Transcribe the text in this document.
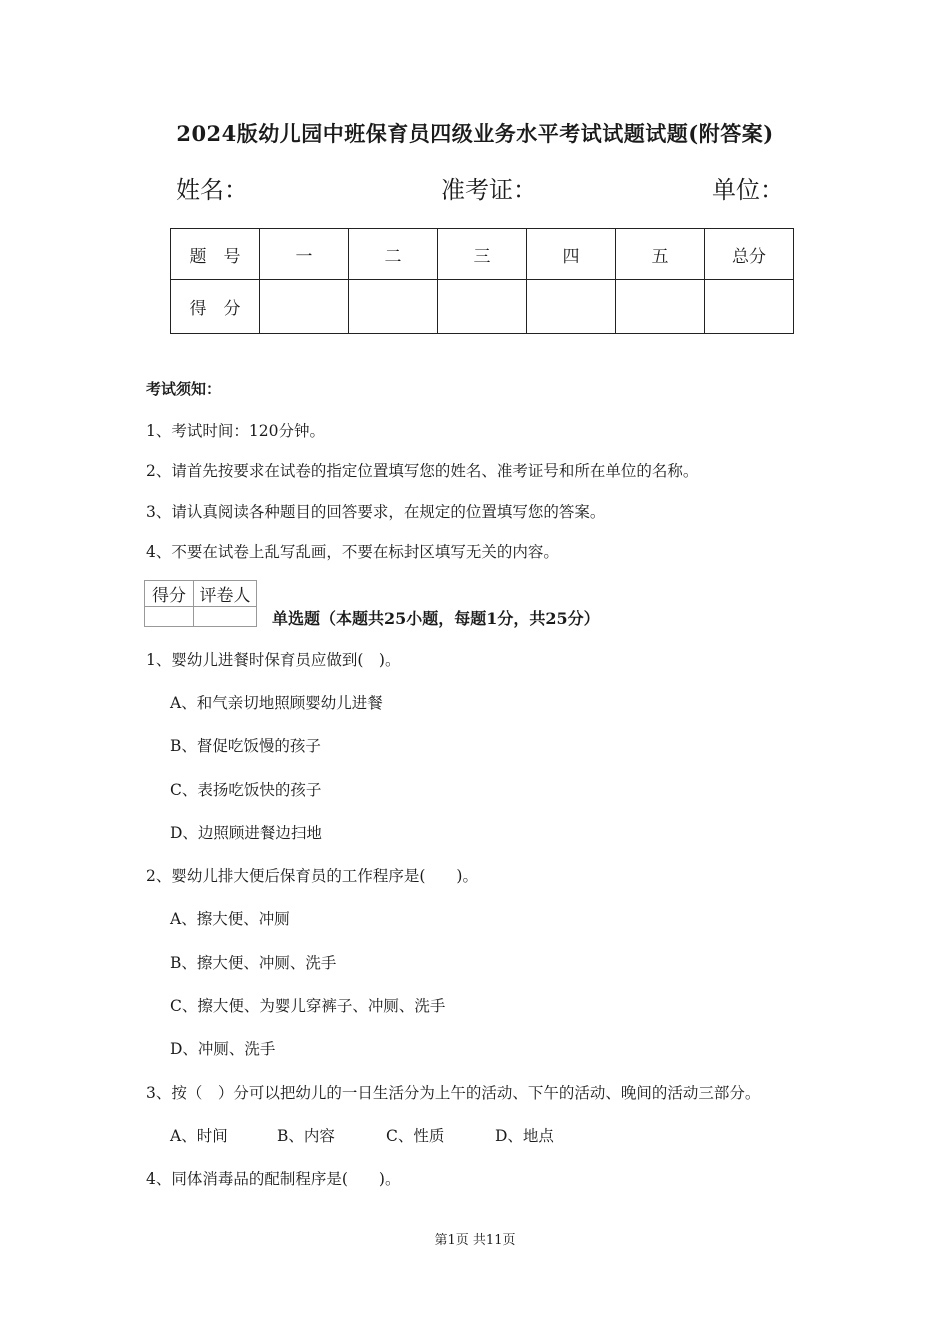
2024版幼儿园中班保育员四级业务水平考试试题试题(附答案)
姓名：	准考证：	单位：
题　号	一	二	三	四	五	总分
得　分						
考试须知：
1、考试时间：120分钟。
2、请首先按要求在试卷的指定位置填写您的姓名、准考证号和所在单位的名称。
3、请认真阅读各种题目的回答要求，在规定的位置填写您的答案。
4、不要在试卷上乱写乱画，不要在标封区填写无关的内容。
得分	评卷人

单选题（本题共25小题，每题1分，共25分）
1、婴幼儿进餐时保育员应做到(　)。
A、和气亲切地照顾婴幼儿进餐
B、督促吃饭慢的孩子
C、表扬吃饭快的孩子
D、边照顾进餐边扫地
2、婴幼儿排大便后保育员的工作程序是(　　)。
A、擦大便、冲厕
B、擦大便、冲厕、洗手
C、擦大便、为婴儿穿裤子、冲厕、洗手
D、冲厕、洗手
3、按（　）分可以把幼儿的一日生活分为上午的活动、下午的活动、晚间的活动三部分。
A、时间	B、内容	C、性质	D、地点
4、同体消毒品的配制程序是(　　)。
第1页 共11页
